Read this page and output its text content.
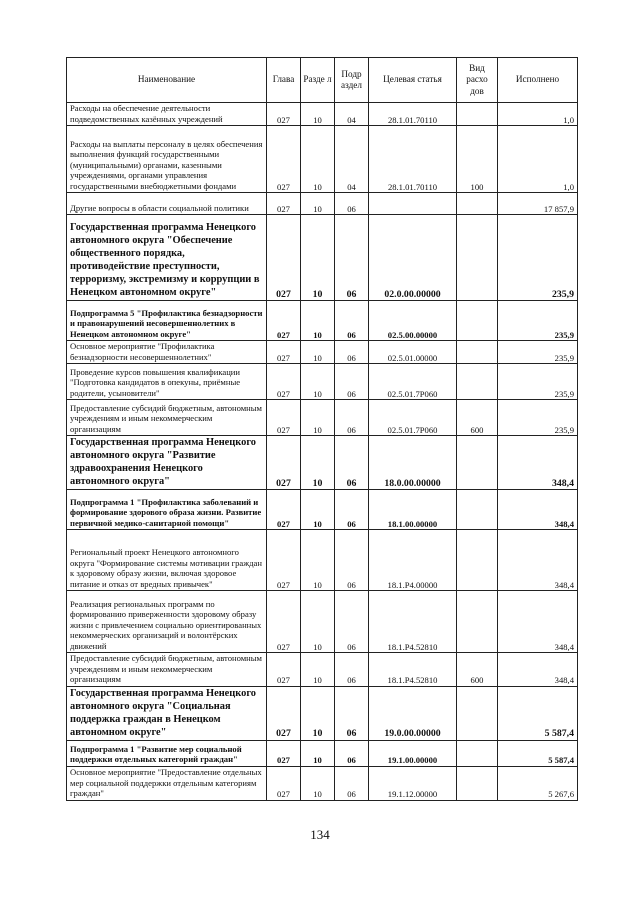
Наименование	Глава	Разде л	Подр аздел	Целевая статья	Вид расхо дов	Исполнено
Расходы на обеспечение деятельности подведомственных казённых учреждений	027	10	04	28.1.01.70110		1,0
Расходы на выплаты персоналу в целях обеспечения выполнения функций государственными (муниципальными) органами, казенными учреждениями, органами управления государственными внебюджетными фондами	027	10	04	28.1.01.70110	100	1,0
Другие вопросы в области социальной политики	027	10	06			17 857,9
Государственная программа Ненецкого автономного округа "Обеспечение общественного порядка, противодействие преступности, терроризму, экстремизму и коррупции в Ненецком автономном округе"	027	10	06	02.0.00.00000		235,9
Подпрограмма 5 "Профилактика безнадзорности и правонарушений несовершеннолетних в Ненецком автономном округе"	027	10	06	02.5.00.00000		235,9
Основное мероприятие "Профилактика безнадзорности несовершеннолетних"	027	10	06	02.5.01.00000		235,9
Проведение курсов повышения квалификации "Подготовка кандидатов в опекуны, приёмные родители, усыновители"	027	10	06	02.5.01.7Р060		235,9
Предоставление субсидий бюджетным, автономным учреждениям и иным некоммерческим организациям	027	10	06	02.5.01.7Р060	600	235,9
Государственная программа Ненецкого автономного округа "Развитие здравоохранения Ненецкого автономного округа"	027	10	06	18.0.00.00000		348,4
Подпрограмма 1 "Профилактика заболеваний и формирование здорового образа жизни. Развитие первичной медико-санитарной помощи"	027	10	06	18.1.00.00000		348,4
Региональный проект Ненецкого автономного округа "Формирование системы мотивации граждан к здоровому образу жизни, включая здоровое питание и отказ от вредных привычек"	027	10	06	18.1.Р4.00000		348,4
Реализация региональных программ по формированию приверженности здоровому образу жизни с привлечением социально ориентированных некоммерческих организаций и волонтёрских движений	027	10	06	18.1.Р4.52810		348,4
Предоставление субсидий бюджетным, автономным учреждениям и иным некоммерческим организациям	027	10	06	18.1.Р4.52810	600	348,4
Государственная программа Ненецкого автономного округа "Социальная поддержка граждан в Ненецком автономном округе"	027	10	06	19.0.00.00000		5 587,4
Подпрограмма 1 "Развитие мер социальной поддержки отдельных категорий граждан"	027	10	06	19.1.00.00000		5 587,4
Основное мероприятие "Предоставление отдельных мер социальной поддержки отдельным категориям граждан"	027	10	06	19.1.12.00000		5 267,6
134
